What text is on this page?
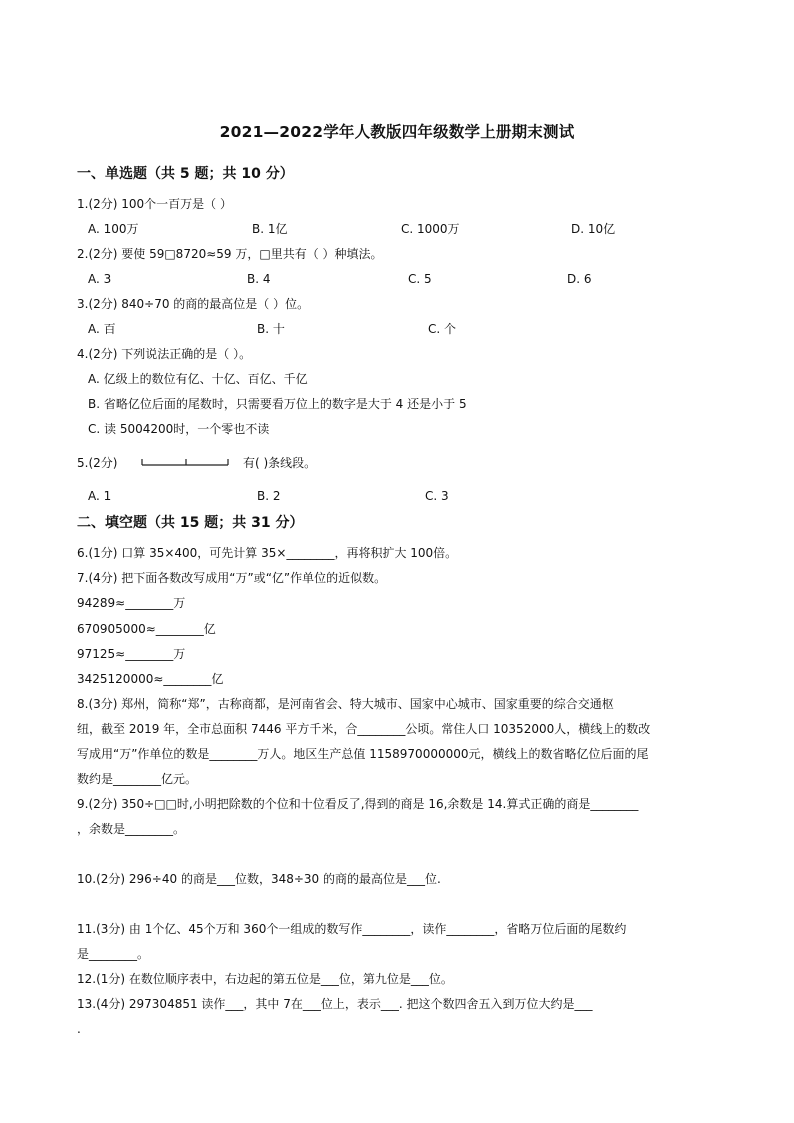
2021—2022学年人教版四年级数学上册期末测试
一、单选题（共 5 题；共 10 分）
1.(2分) 100个一百万是（ ）
A. 100万	B. 1亿	C. 1000万	D. 10亿
2.(2分) 要使 59□8720≈59 万，□里共有（ ）种填法。
A. 3	B. 4	C. 5	D. 6
3.(2分) 840÷70 的商的最高位是（ ）位。
A. 百	B. 十	C. 个
4.(2分) 下列说法正确的是（ ）。
A. 亿级上的数位有亿、十亿、百亿、千亿
B. 省略亿位后面的尾数时，只需要看万位上的数字是大于 4 还是小于 5
C. 读 5004200时，一个零也不读
5.(2分)	有( )条线段。
A. 1	B. 2	C. 3
二、填空题（共 15 题；共 31 分）
6.(1分) 口算 35×400，可先计算 35×________，再将积扩大 100倍。
7.(4分) 把下面各数改写成用“万”或“亿”作单位的近似数。
94289≈________万
670905000≈________亿
97125≈________万
3425120000≈________亿
8.(3分) 郑州，简称“郑”，古称商都，是河南省会、特大城市、国家中心城市、国家重要的综合交通枢
纽，截至 2019 年，全市总面积 7446 平方千米，合________公顷。常住人口 10352000人，横线上的数改
写成用“万”作单位的数是________万人。地区生产总值 1158970000000元，横线上的数省略亿位后面的尾
数约是________亿元。
9.(2分) 350÷□□时,小明把除数的个位和十位看反了,得到的商是 16,余数是 14.算式正确的商是________
，余数是________。
10.(2分) 296÷40 的商是___位数，348÷30 的商的最高位是___位.
11.(3分) 由 1个亿、45个万和 360个一组成的数写作________，读作________，省略万位后面的尾数约
是________。
12.(1分) 在数位顺序表中，右边起的第五位是___位，第九位是___位。
13.(4分) 297304851 读作___，其中 7在___位上，表示___. 把这个数四舍五入到万位大约是___
.
